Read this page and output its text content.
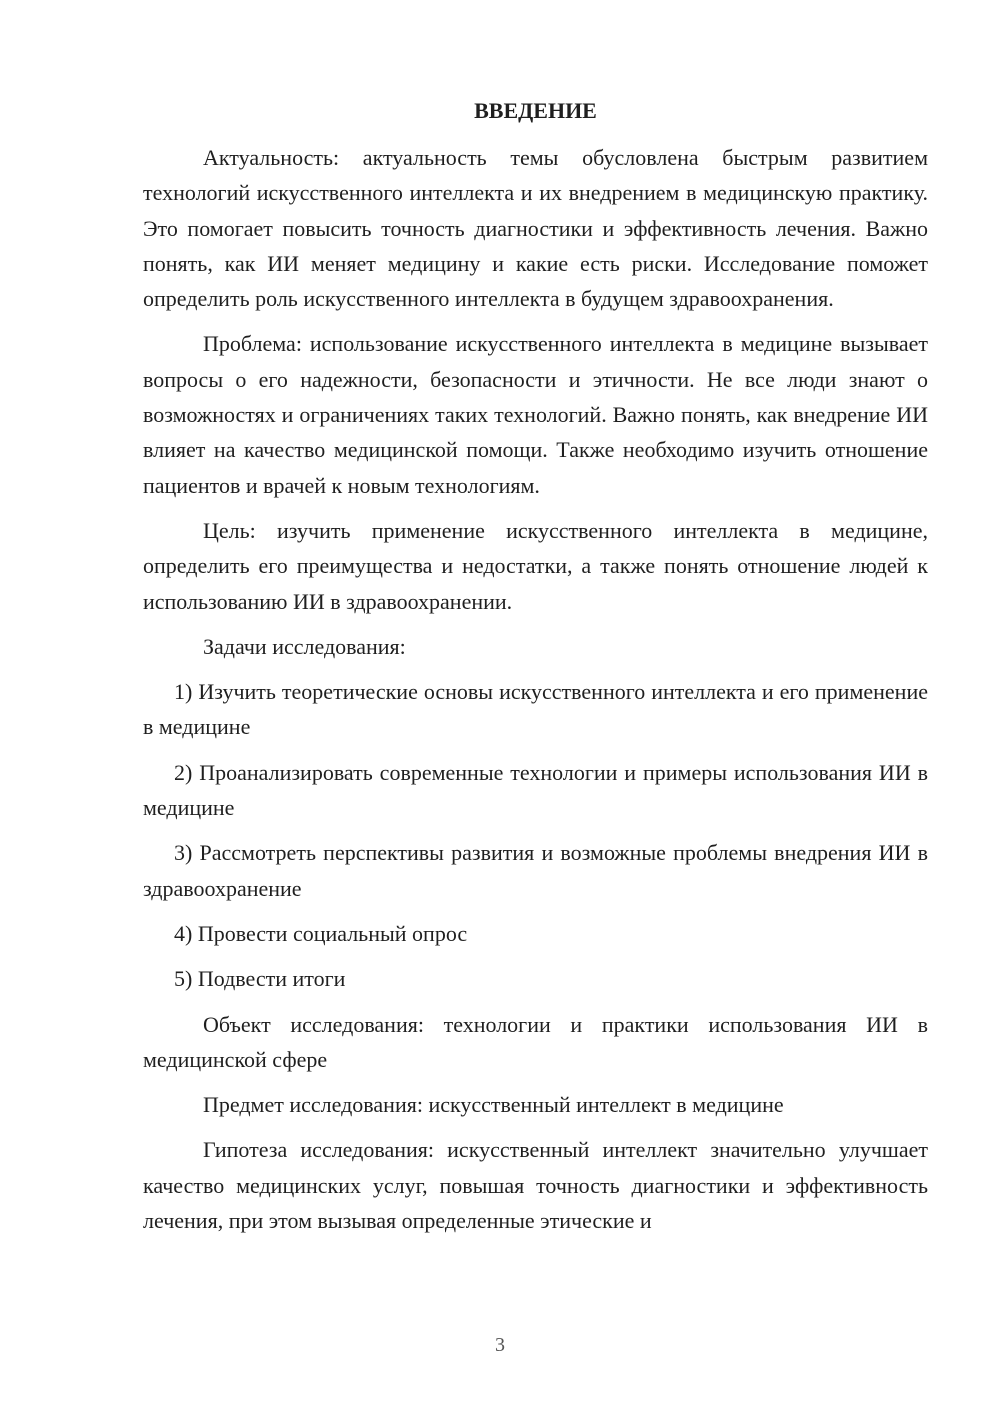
ВВЕДЕНИЕ

Актуальность: актуальность темы обусловлена быстрым развитием технологий искусственного интеллекта и их внедрением в медицинскую практику. Это помогает повысить точность диагностики и эффективность лечения. Важно понять, как ИИ меняет медицину и какие есть риски. Исследование поможет определить роль искусственного интеллекта в будущем здравоохранения.

Проблема: использование искусственного интеллекта в медицине вызывает вопросы о его надежности, безопасности и этичности. Не все люди знают о возможностях и ограничениях таких технологий. Важно понять, как внедрение ИИ влияет на качество медицинской помощи. Также необходимо изучить отношение пациентов и врачей к новым технологиям.

Цель: изучить применение искусственного интеллекта в медицине, определить его преимущества и недостатки, а также понять отношение людей к использованию ИИ в здравоохранении.

Задачи исследования:

1) Изучить теоретические основы искусственного интеллекта и его применение в медицине

2) Проанализировать современные технологии и примеры использования ИИ в медицине

3) Рассмотреть перспективы развития и возможные проблемы внедрения ИИ в здравоохранение

4) Провести социальный опрос

5) Подвести итоги

Объект исследования: технологии и практики использования ИИ в медицинской сфере

Предмет исследования: искусственный интеллект в медицине

Гипотеза исследования: искусственный интеллект значительно улучшает качество медицинских услуг, повышая точность диагностики и эффективность лечения, при этом вызывая определенные этические и

3
